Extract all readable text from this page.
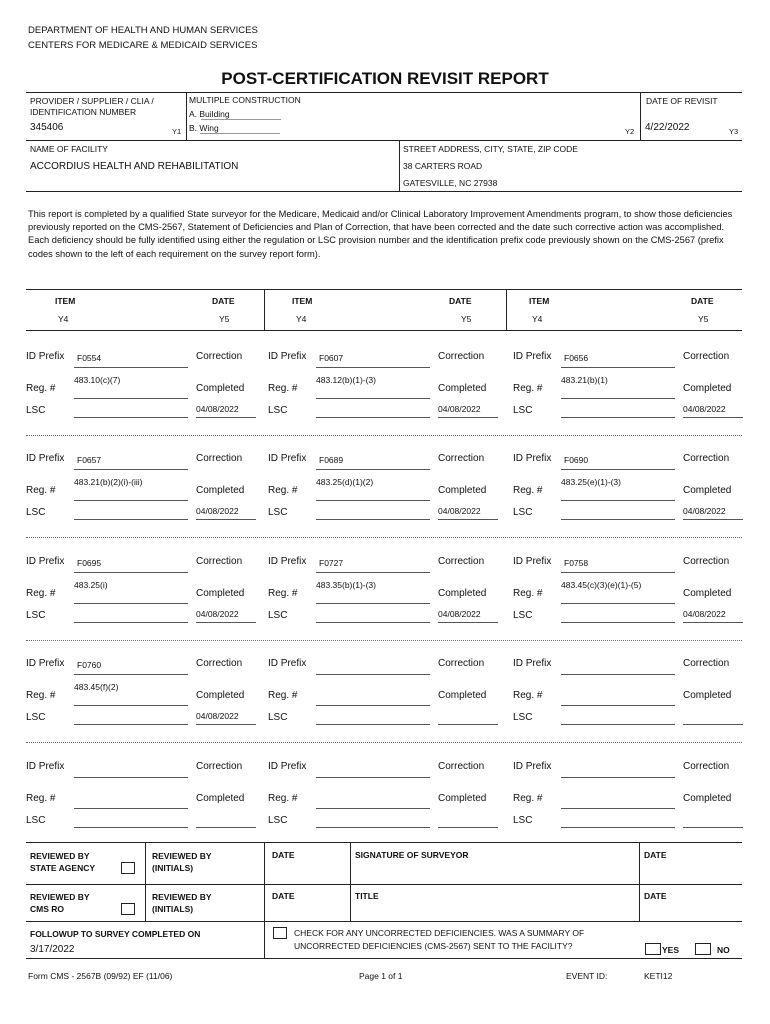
DEPARTMENT OF HEALTH AND HUMAN SERVICES
CENTERS FOR MEDICARE & MEDICAID SERVICES
POST-CERTIFICATION REVISIT REPORT
PROVIDER / SUPPLIER / CLIA /
IDENTIFICATION NUMBER
345406	Y1
MULTIPLE CONSTRUCTION
A. Building
B. Wing	Y2
DATE OF REVISIT
4/22/2022	Y3
NAME OF FACILITY
ACCORDIUS HEALTH AND REHABILITATION
STREET ADDRESS, CITY, STATE, ZIP CODE
38 CARTERS ROAD
GATESVILLE, NC 27938
This report is completed by a qualified State surveyor for the Medicare, Medicaid and/or Clinical Laboratory Improvement Amendments program, to show those deficiencies previously reported on the CMS-2567, Statement of Deficiencies and Plan of Correction, that have been corrected and the date such corrective action was accomplished. Each deficiency should be fully identified using either the regulation or LSC provision number and the identification prefix code previously shown on the CMS-2567 (prefix codes shown to the left of each requirement on the survey report form).
ITEM	DATE
Y4	Y5
ITEM	DATE
Y4	Y5
ITEM	DATE
Y4	Y5
ID Prefix F0554	Correction
483.10(c)(7)
Reg. #	Completed
LSC	04/08/2022
ID Prefix F0607	Correction
483.12(b)(1)-(3)
Reg. #	Completed
LSC	04/08/2022
ID Prefix F0656	Correction
483.21(b)(1)
Reg. #	Completed
LSC	04/08/2022
ID Prefix F0657	Correction
483.21(b)(2)(i)-(iii)
Reg. #	Completed
LSC	04/08/2022
ID Prefix F0689	Correction
483.25(d)(1)(2)
Reg. #	Completed
LSC	04/08/2022
ID Prefix F0690	Correction
483.25(e)(1)-(3)
Reg. #	Completed
LSC	04/08/2022
ID Prefix F0695	Correction
483.25(i)
Reg. #	Completed
LSC	04/08/2022
ID Prefix F0727	Correction
483.35(b)(1)-(3)
Reg. #	Completed
LSC	04/08/2022
ID Prefix F0758	Correction
483.45(c)(3)(e)(1)-(5)
Reg. #	Completed
LSC	04/08/2022
ID Prefix F0760	Correction
483.45(f)(2)
Reg. #	Completed
LSC	04/08/2022
ID Prefix	Correction
Reg. #	Completed
LSC
ID Prefix	Correction
Reg. #	Completed
LSC
ID Prefix	Correction
Reg. #	Completed
LSC
ID Prefix	Correction
Reg. #	Completed
LSC
ID Prefix	Correction
Reg. #	Completed
LSC
REVIEWED BY
STATE AGENCY
REVIEWED BY
(INITIALS)
DATE	SIGNATURE OF SURVEYOR	DATE
REVIEWED BY
CMS RO
REVIEWED BY
(INITIALS)
DATE	TITLE	DATE
FOLLOWUP TO SURVEY COMPLETED ON
3/17/2022
CHECK FOR ANY UNCORRECTED DEFICIENCIES. WAS A SUMMARY OF
UNCORRECTED DEFICIENCIES (CMS-2567) SENT TO THE FACILITY?	YES	NO
Form CMS - 2567B (09/92) EF (11/06)	Page 1 of 1	EVENT ID:	KETI12
